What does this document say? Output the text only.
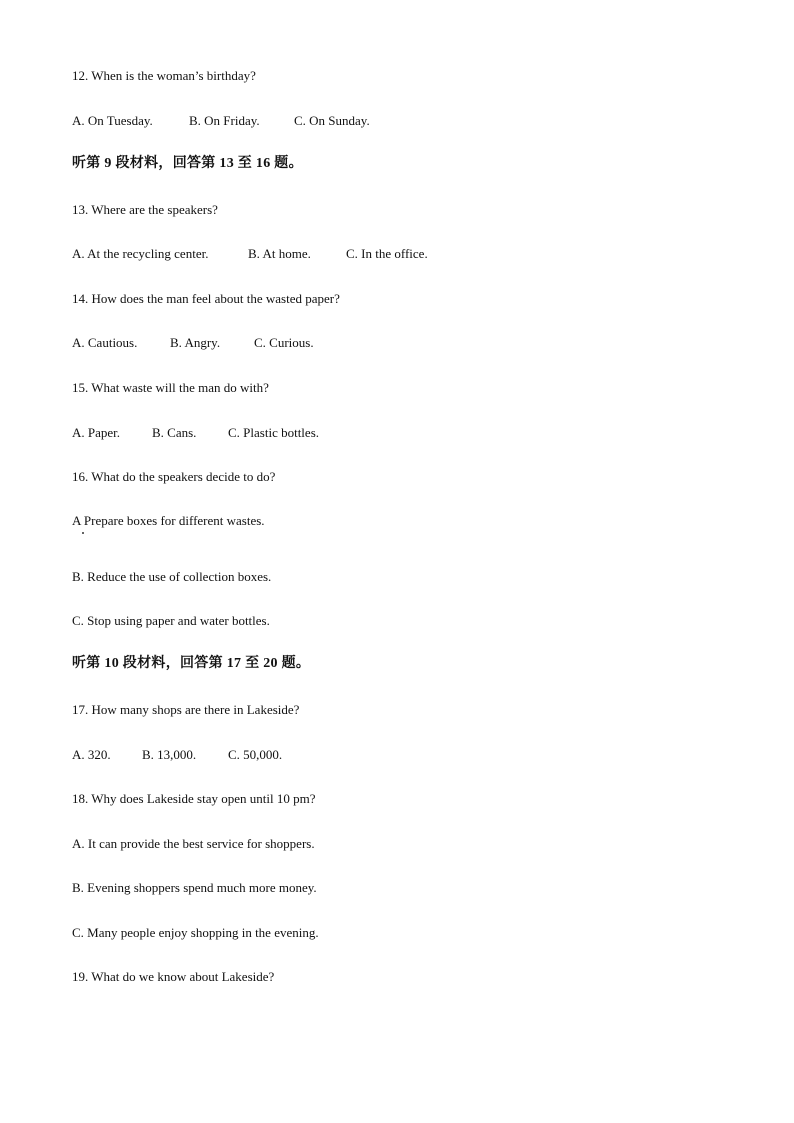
12. When is the woman’s birthday?
A. On Tuesday.	B. On Friday.	C. On Sunday.
听第 9 段材料，回答第 13 至 16 题。
13. Where are the speakers?
A. At the recycling center.	B. At home.	C. In the office.
14. How does the man feel about the wasted paper?
A. Cautious.	B. Angry.	C. Curious.
15. What waste will the man do with?
A. Paper. B. Cans. C. Plastic bottles.
16. What do the speakers decide to do?
A Prepare boxes for different wastes.
B. Reduce the use of collection boxes.
C. Stop using paper and water bottles.
听第 10 段材料，回答第 17 至 20 题。
17. How many shops are there in Lakeside?
A. 320. B. 13,000. C. 50,000.
18. Why does Lakeside stay open until 10 pm?
A. It can provide the best service for shoppers.
B. Evening shoppers spend much more money.
C. Many people enjoy shopping in the evening.
19. What do we know about Lakeside?
